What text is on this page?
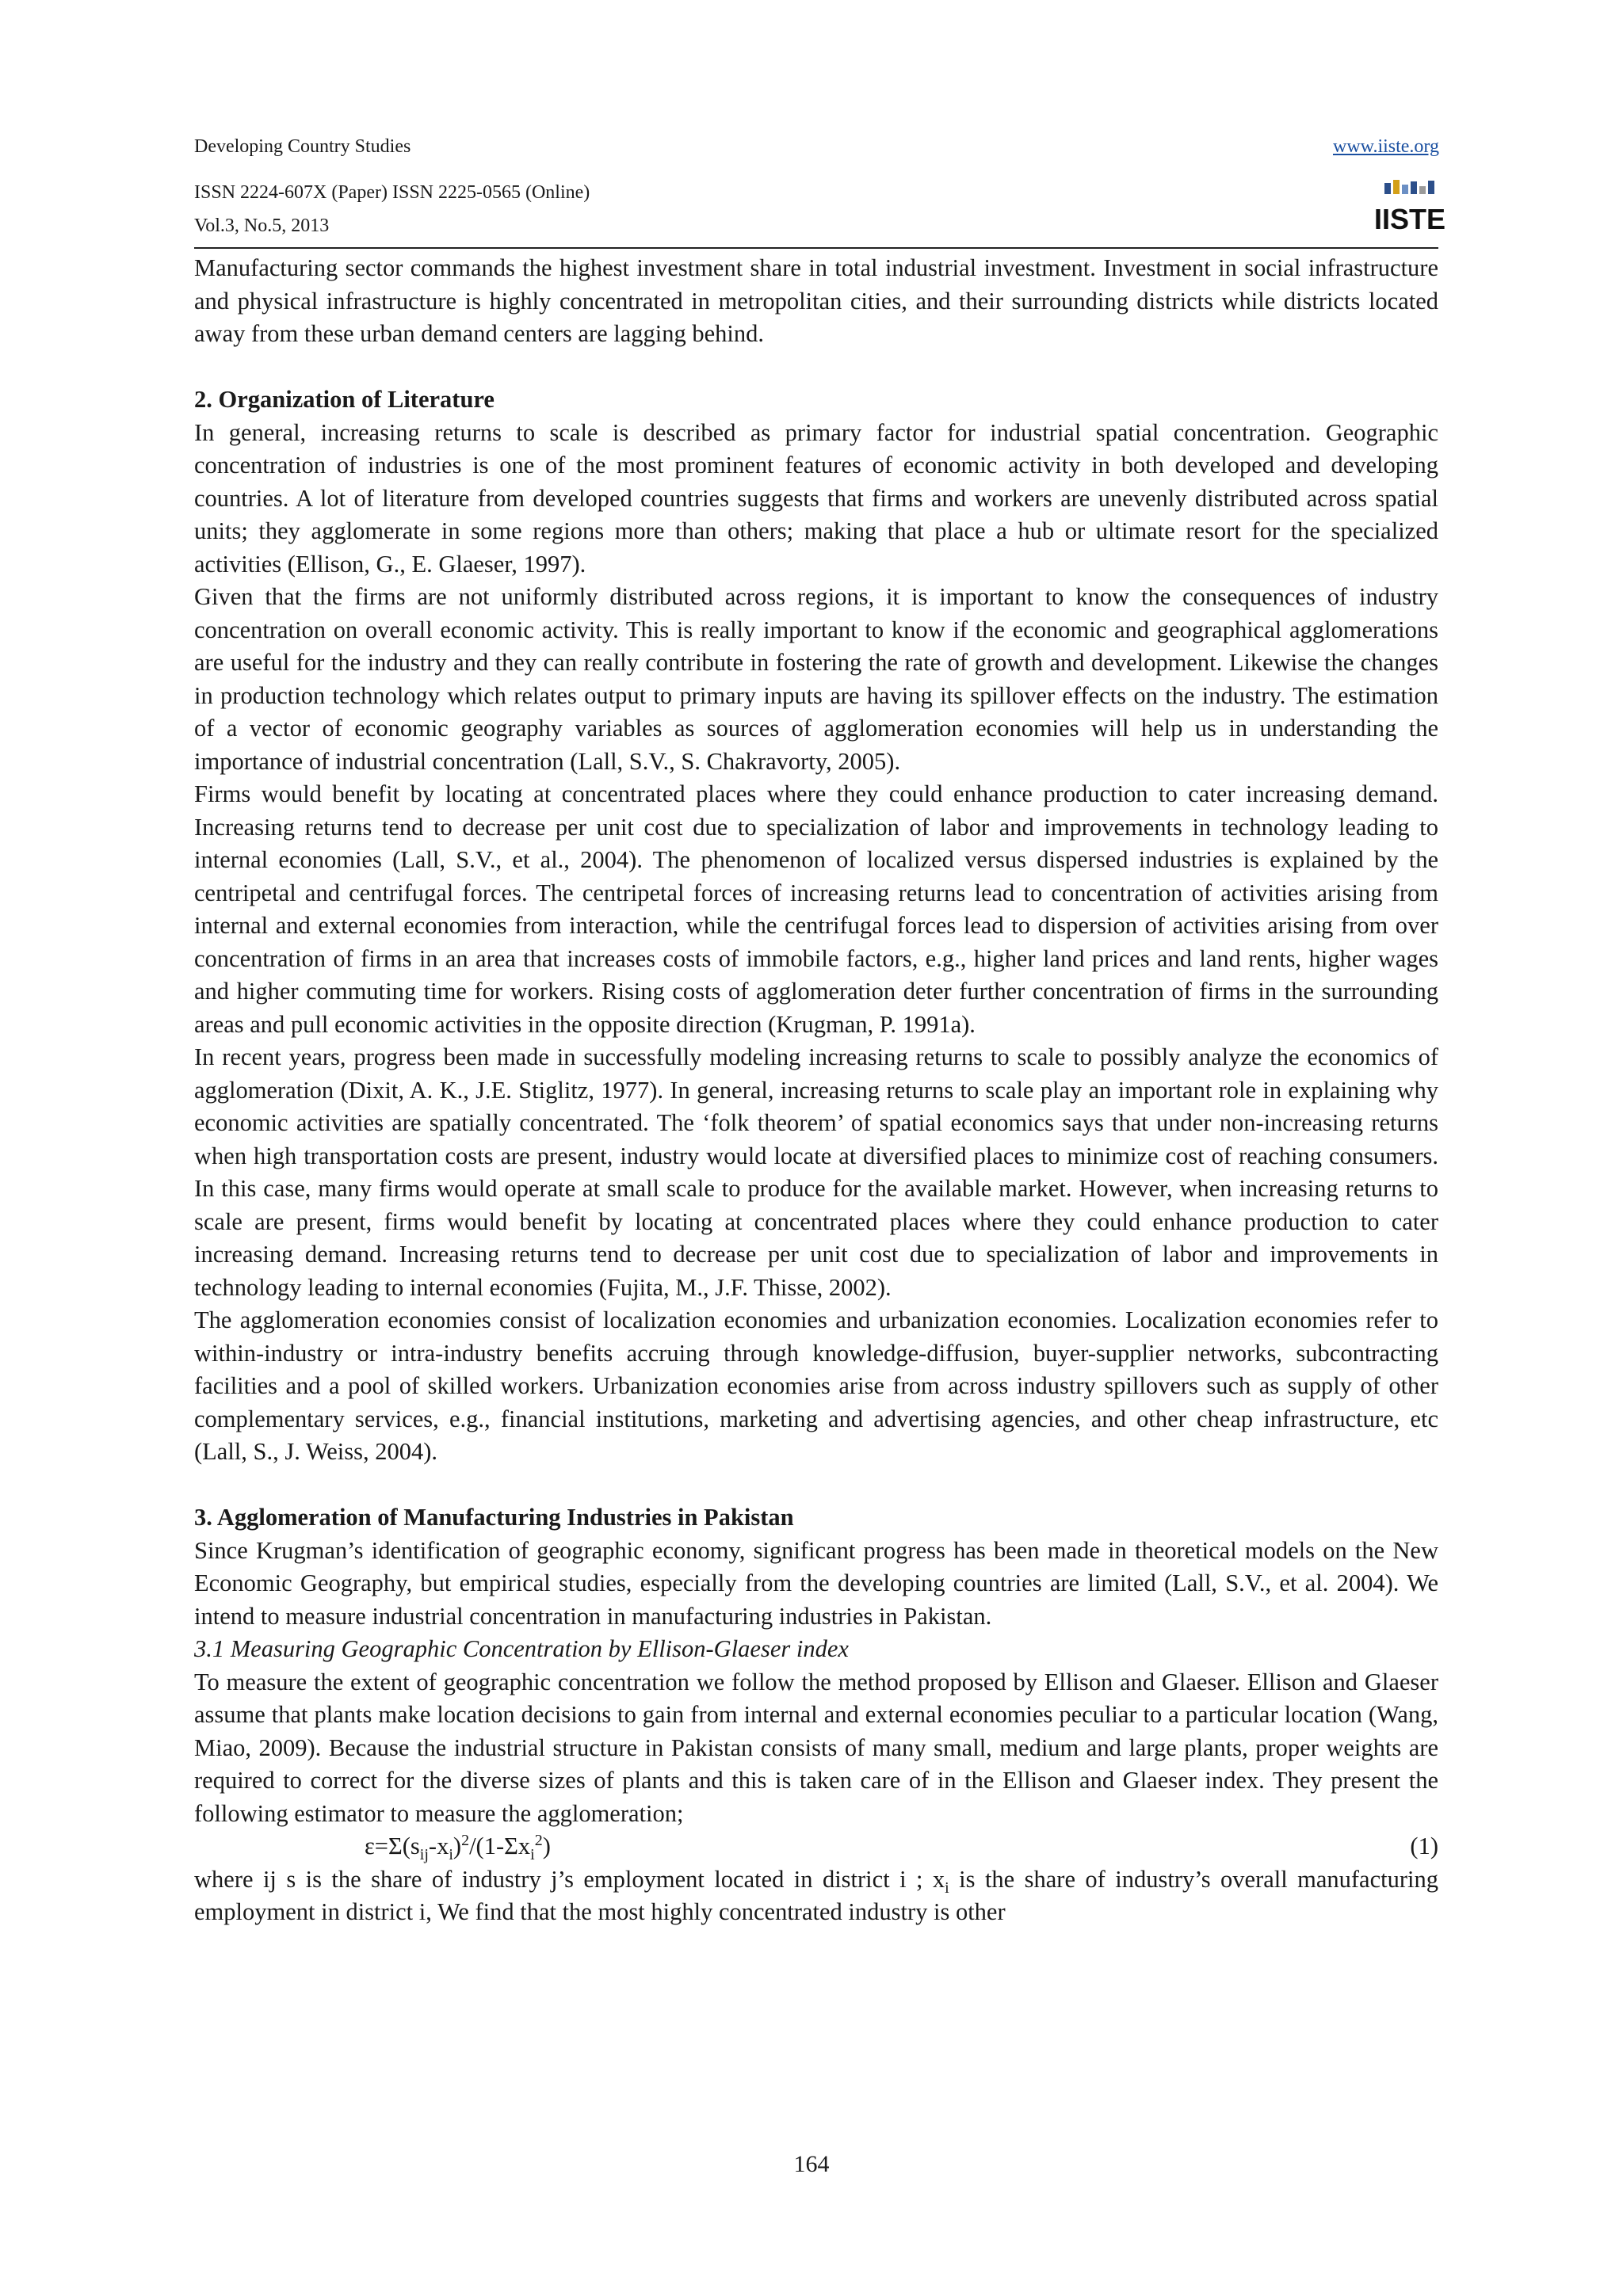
Developing Country Studies	www.iiste.org
ISSN 2224-607X (Paper) ISSN 2225-0565 (Online)
Vol.3, No.5, 2013	IISTE

Manufacturing sector commands the highest investment share in total industrial investment. Investment in social infrastructure and physical infrastructure is highly concentrated in metropolitan cities, and their surrounding districts while districts located away from these urban demand centers are lagging behind.

2. Organization of Literature

In general, increasing returns to scale is described as primary factor for industrial spatial concentration. Geographic concentration of industries is one of the most prominent features of economic activity in both developed and developing countries. A lot of literature from developed countries suggests that firms and workers are unevenly distributed across spatial units; they agglomerate in some regions more than others; making that place a hub or ultimate resort for the specialized activities (Ellison, G., E. Glaeser, 1997).

Given that the firms are not uniformly distributed across regions, it is important to know the consequences of industry concentration on overall economic activity. This is really important to know if the economic and geographical agglomerations are useful for the industry and they can really contribute in fostering the rate of growth and development. Likewise the changes in production technology which relates output to primary inputs are having its spillover effects on the industry. The estimation of a vector of economic geography variables as sources of agglomeration economies will help us in understanding the importance of industrial concentration (Lall, S.V., S. Chakravorty, 2005).

Firms would benefit by locating at concentrated places where they could enhance production to cater increasing demand. Increasing returns tend to decrease per unit cost due to specialization of labor and improvements in technology leading to internal economies (Lall, S.V., et al., 2004). The phenomenon of localized versus dispersed industries is explained by the centripetal and centrifugal forces. The centripetal forces of increasing returns lead to concentration of activities arising from internal and external economies from interaction, while the centrifugal forces lead to dispersion of activities arising from over concentration of firms in an area that increases costs of immobile factors, e.g., higher land prices and land rents, higher wages and higher commuting time for workers. Rising costs of agglomeration deter further concentration of firms in the surrounding areas and pull economic activities in the opposite direction (Krugman, P. 1991a).

In recent years, progress been made in successfully modeling increasing returns to scale to possibly analyze the economics of agglomeration (Dixit, A. K., J.E. Stiglitz, 1977). In general, increasing returns to scale play an important role in explaining why economic activities are spatially concentrated. The ‘folk theorem’ of spatial economics says that under non-increasing returns when high transportation costs are present, industry would locate at diversified places to minimize cost of reaching consumers. In this case, many firms would operate at small scale to produce for the available market. However, when increasing returns to scale are present, firms would benefit by locating at concentrated places where they could enhance production to cater increasing demand. Increasing returns tend to decrease per unit cost due to specialization of labor and improvements in technology leading to internal economies (Fujita, M., J.F. Thisse, 2002).

The agglomeration economies consist of localization economies and urbanization economies. Localization economies refer to within-industry or intra-industry benefits accruing through knowledge-diffusion, buyer-supplier networks, subcontracting facilities and a pool of skilled workers. Urbanization economies arise from across industry spillovers such as supply of other complementary services, e.g., financial institutions, marketing and advertising agencies, and other cheap infrastructure, etc (Lall, S., J. Weiss, 2004).

3. Agglomeration of Manufacturing Industries in Pakistan

Since Krugman’s identification of geographic economy, significant progress has been made in theoretical models on the New Economic Geography, but empirical studies, especially from the developing countries are limited (Lall, S.V., et al. 2004). We intend to measure industrial concentration in manufacturing industries in Pakistan.

3.1 Measuring Geographic Concentration by Ellison-Glaeser index

To measure the extent of geographic concentration we follow the method proposed by Ellison and Glaeser. Ellison and Glaeser assume that plants make location decisions to gain from internal and external economies peculiar to a particular location (Wang, Miao, 2009). Because the industrial structure in Pakistan consists of many small, medium and large plants, proper weights are required to correct for the diverse sizes of plants and this is taken care of in the Ellison and Glaeser index. They present the following estimator to measure the agglomeration;

$\varepsilon=\Sigma(s_{ij}-x_i)^2/(1-\Sigma x_i^2)$	(1)

where ij s is the share of industry j’s employment located in district i ; $x_i$ is the share of industry’s overall manufacturing employment in district i, We find that the most highly concentrated industry is other

164
